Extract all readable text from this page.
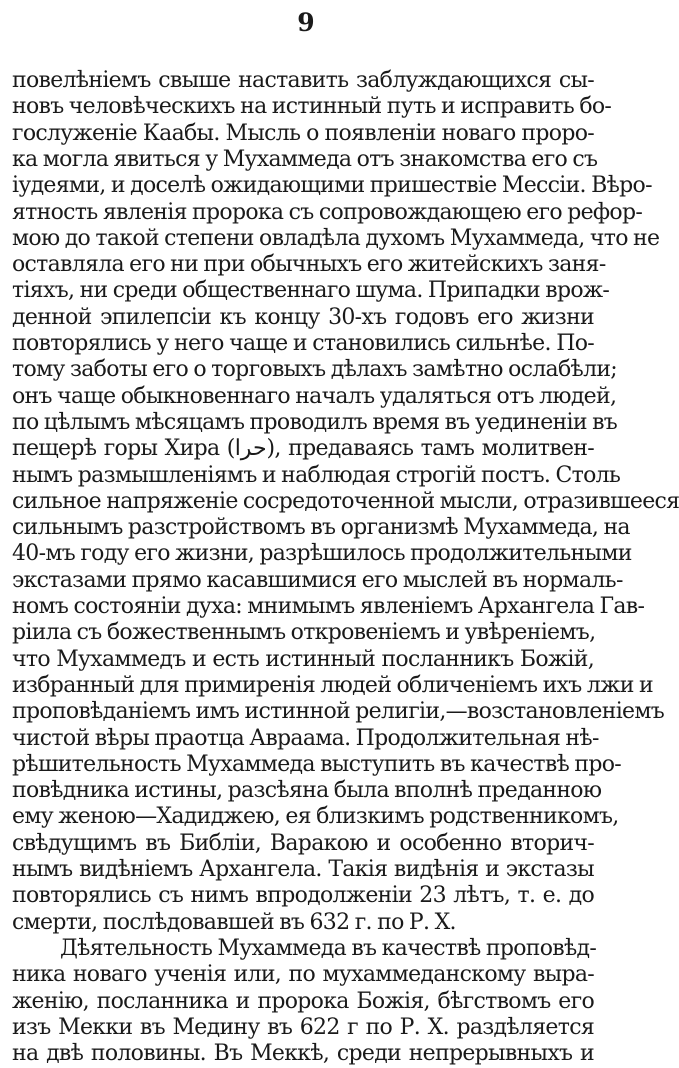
9
повелѣнiемъ свыше наставить заблуждающихся сы-
новъ человѣческихъ на истинный путь и исправить бо-
гослуженiе Каабы. Мысль о появленiи новаго проро-
ка могла явиться у Мухаммеда отъ знакомства его съ
iудеями, и доселѣ ожидающими пришествiе Мессiи. Вѣро-
ятность явленiя пророка съ сопровождающею его рефор-
мою до такой степени овладѣла духомъ Мухаммеда, что не
оставляла его ни при обычныхъ его житейскихъ заня-
тiяхъ, ни среди общественнаго шума. Припадки врож-
денной эпилепсiи къ концу 30-хъ годовъ его жизни
повторялись у него чаще и становились сильнѣе. По-
тому заботы его о торговыхъ дѣлахъ замѣтно ослабѣли;
онъ чаще обыкновеннаго началъ удаляться отъ людей,
по цѣлымъ мѣсяцамъ проводилъ время въ уединенiи въ
пещерѣ горы Хира (حرا), предаваясь тамъ молитвен-
нымъ размышленiямъ и наблюдая строгiй постъ. Столь
сильное напряженiе сосредоточенной мысли, отразившееся
сильнымъ разстройствомъ въ организмѣ Мухаммеда, на
40-мъ году его жизни, разрѣшилось продолжительными
экстазами прямо касавшимися его мыслей въ нормаль-
номъ состоянiи духа: мнимымъ явленiемъ Архангела Гав-
рiила съ божественнымъ откровенiемъ и увѣренiемъ,
что Мухаммедъ и есть истинный посланникъ Божiй,
избранный для примиренiя людей обличенiемъ ихъ лжи и
проповѣданiемъ имъ истинной религiи,—возстановленiемъ
чистой вѣры праотца Авраама. Продолжительная нѣ-
рѣшительность Мухаммеда выступить въ качествѣ про-
повѣдника истины, разсѣяна была вполнѣ преданною
ему женою—Хадиджею, ея близкимъ родственникомъ,
свѣдущимъ въ Библiи, Варакою и особенно вторич-
нымъ видѣнiемъ Архангела. Такiя видѣнiя и экстазы
повторялись съ нимъ впродолженiи 23 лѣтъ, т. е. до
смерти, послѣдовавшей въ 632 г. по Р. Х.
Дѣятельность Мухаммеда въ качествѣ проповѣд-
ника новаго ученiя или, по мухаммеданскому выра-
женiю, посланника и пророка Божiя, бѣгствомъ его
изъ Мекки въ Медину въ 622 г по Р. Х. раздѣляется
на двѣ половины. Въ Меккѣ, среди непрерывныхъ и
